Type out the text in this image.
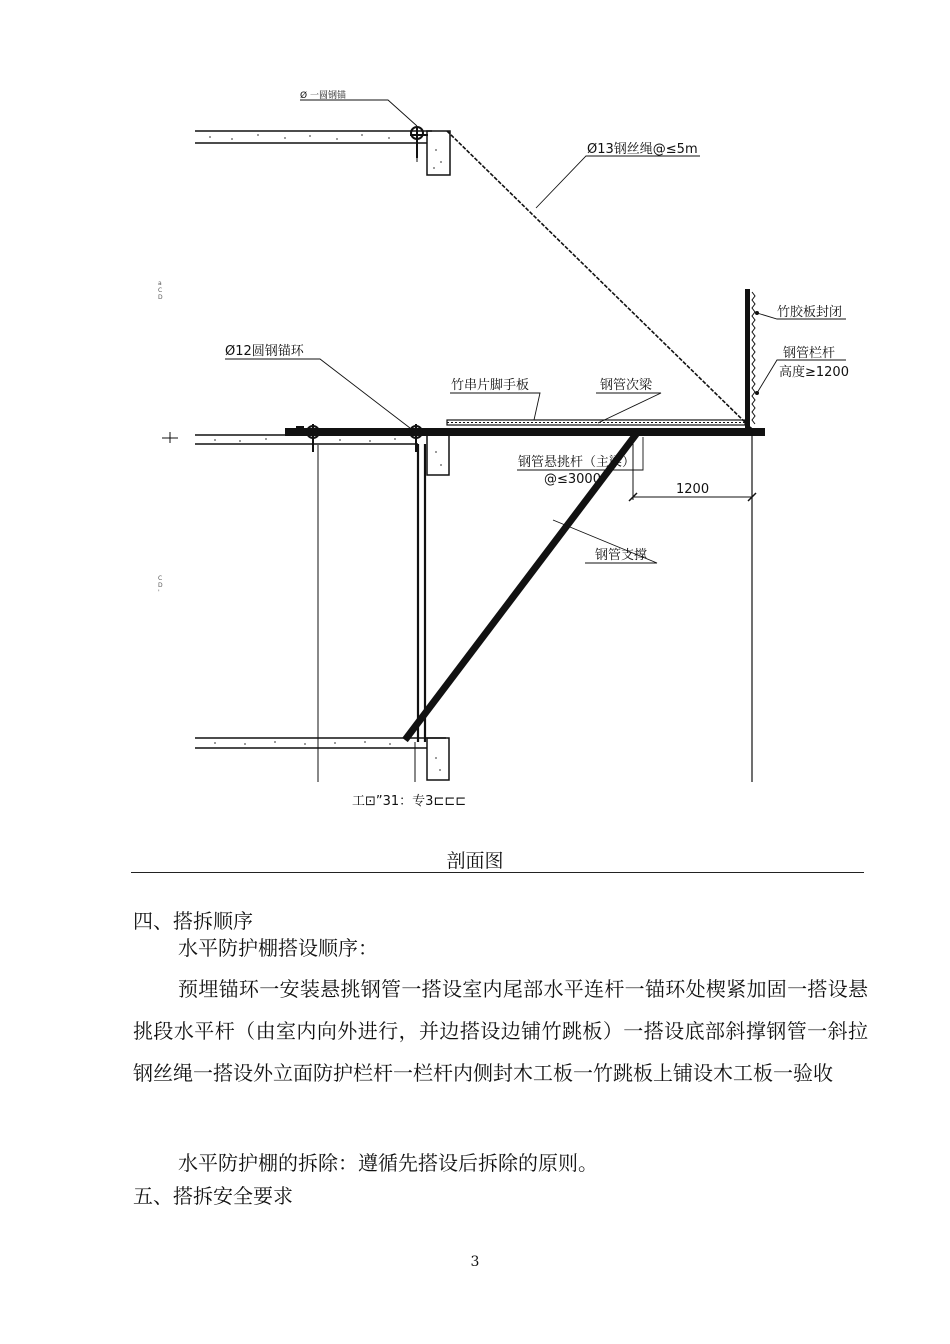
a
C
D
C
D
'
1200
Ø 一圆钢锚
Ø13钢丝绳@≤5m
竹胶板封闭
钢管栏杆
高度≥1200
Ø12圆钢锚环
竹串片脚手板	钢管次梁
钢管悬挑杆（主梁）
@≤3000
钢管支撑
工⊡”31：专3⊏⊏⊏
剖面图
四、搭拆顺序
水平防护棚搭设顺序：
预埋锚环一安装悬挑钢管一搭设室内尾部水平连杆一锚环处楔紧加固一搭设悬挑段水平杆（由室内向外进行，并边搭设边铺竹跳板）一搭设底部斜撑钢管一斜拉钢丝绳一搭设外立面防护栏杆一栏杆内侧封木工板一竹跳板上铺设木工板一验收
水平防护棚的拆除：遵循先搭设后拆除的原则。
五、搭拆安全要求
3
